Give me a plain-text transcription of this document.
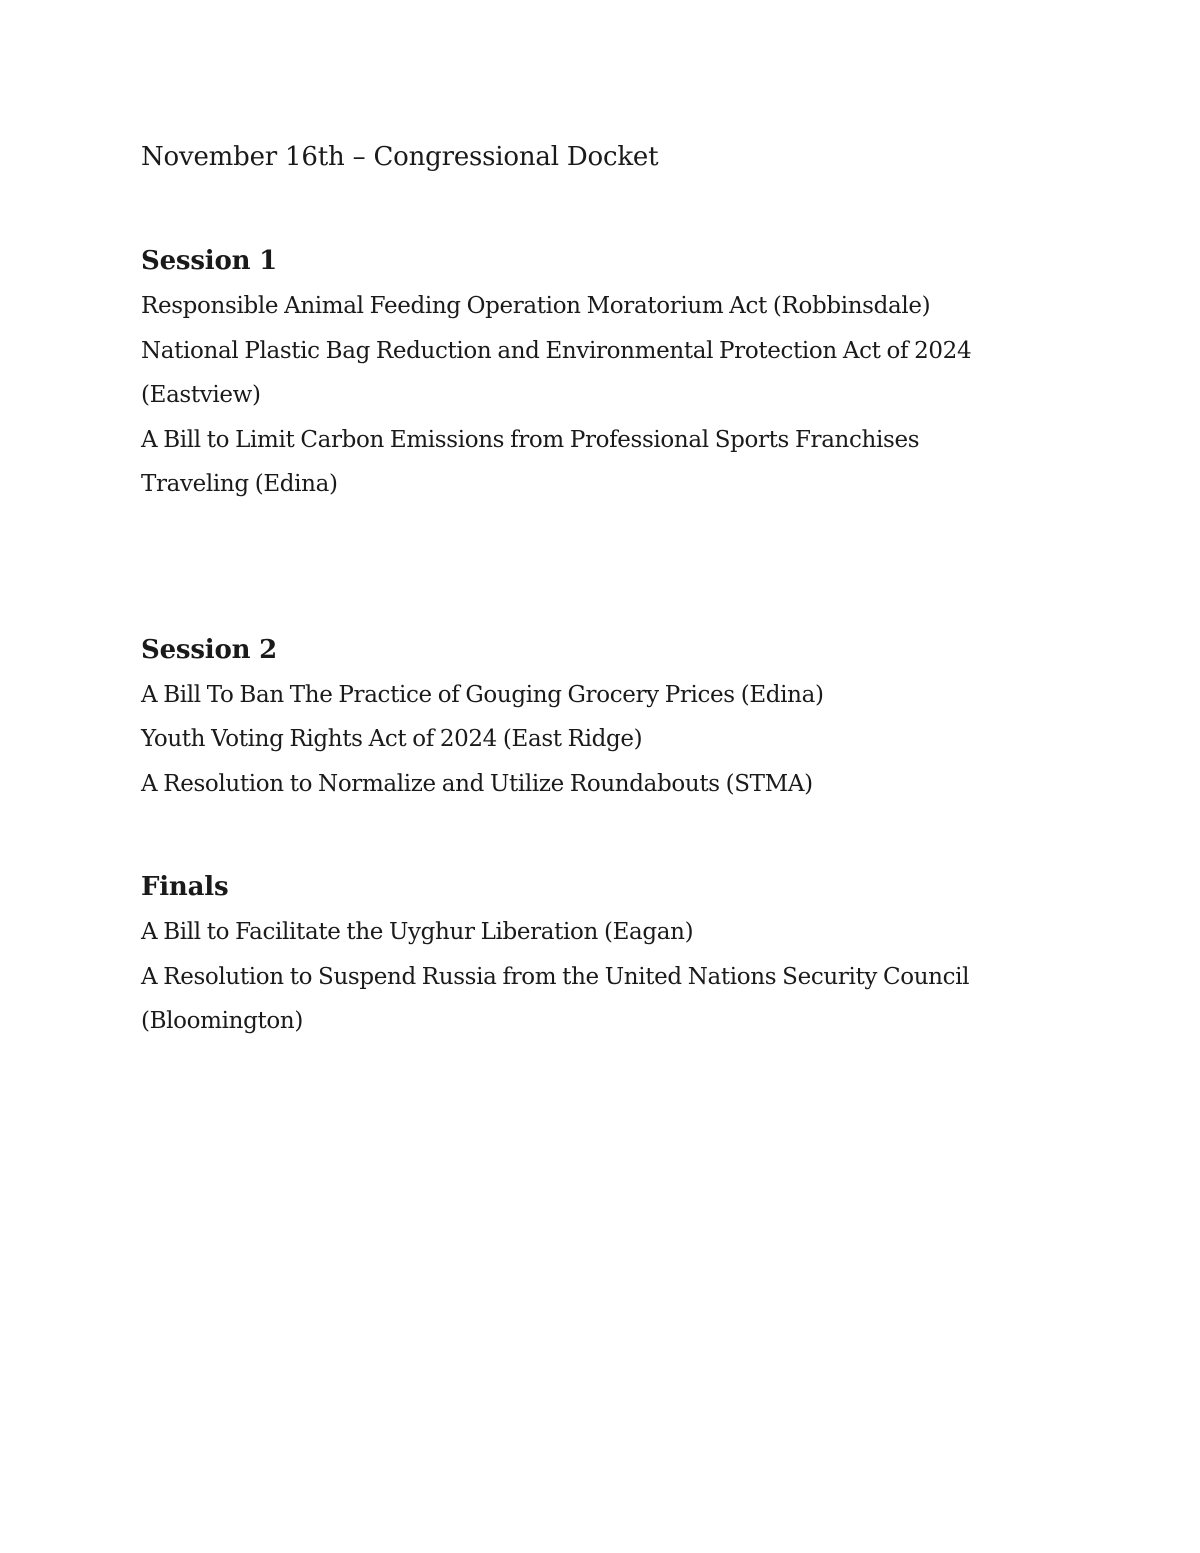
November 16th – Congressional Docket
Session 1
Responsible Animal Feeding Operation Moratorium Act (Robbinsdale)
National Plastic Bag Reduction and Environmental Protection Act of 2024 (Eastview)
A Bill to Limit Carbon Emissions from Professional Sports Franchises Traveling (Edina)
Session 2
A Bill To Ban The Practice of Gouging Grocery Prices (Edina)
Youth Voting Rights Act of 2024 (East Ridge)
A Resolution to Normalize and Utilize Roundabouts (STMA)
Finals
A Bill to Facilitate the Uyghur Liberation (Eagan)
A Resolution to Suspend Russia from the United Nations Security Council (Bloomington)
